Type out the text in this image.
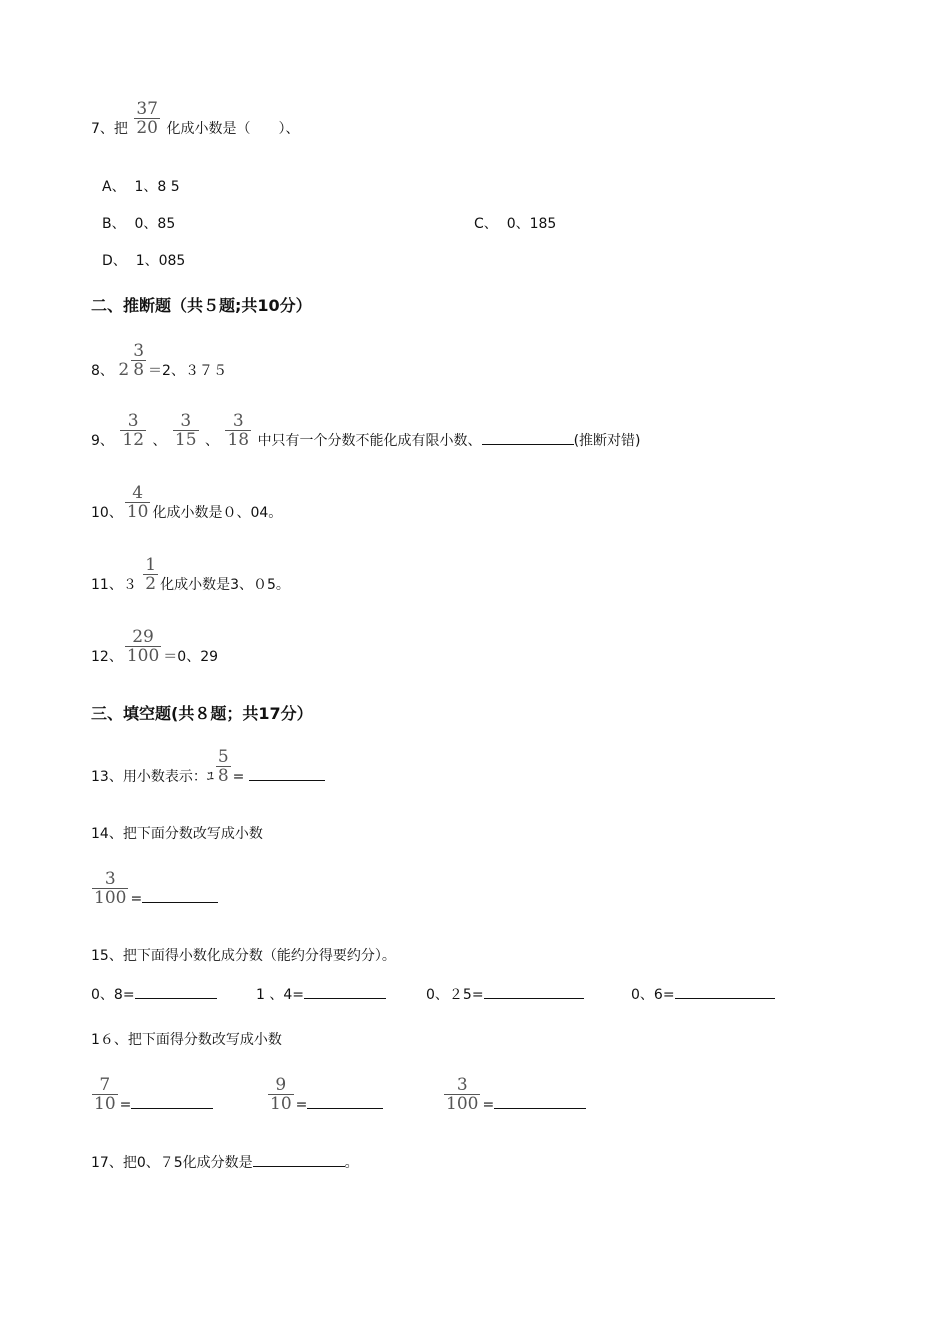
7、把 $\frac{37}{20}$ 化成小数是（　　）、
A、 1、8 5
B、 0、85	C、 0、185
D、 1、085
二、推断题（共５题;共10分）
8、 $2 \frac{3}{8} =2$、３７５
9、 $\frac{3}{12}$ 、 $\frac{3}{15}$ 、 $\frac{3}{18}$ 中只有一个分数不能化成有限小数、	(推断对错)
10、 $\frac{4}{10}$ 化成小数是０、04。
11、$3 \frac{1}{2}$ 化成小数是3、０5。
12、 $\frac{29}{100} =0$、29
三、填空题(共８题；共17分）
13、用小数表示：ﾕ $\frac{5}{8}$ =
14、把下面分数改写成小数
$\frac{3}{100}$ =
15、把下面得小数化成分数（能约分得要约分）。
0、8=	1 、4=	0、２5=	0、6=
1６、把下面得分数改写成小数
$\frac{7}{10}$ =	$\frac{9}{10}$ =	$\frac{3}{100}$ =
17、把0、７5化成分数是	。
